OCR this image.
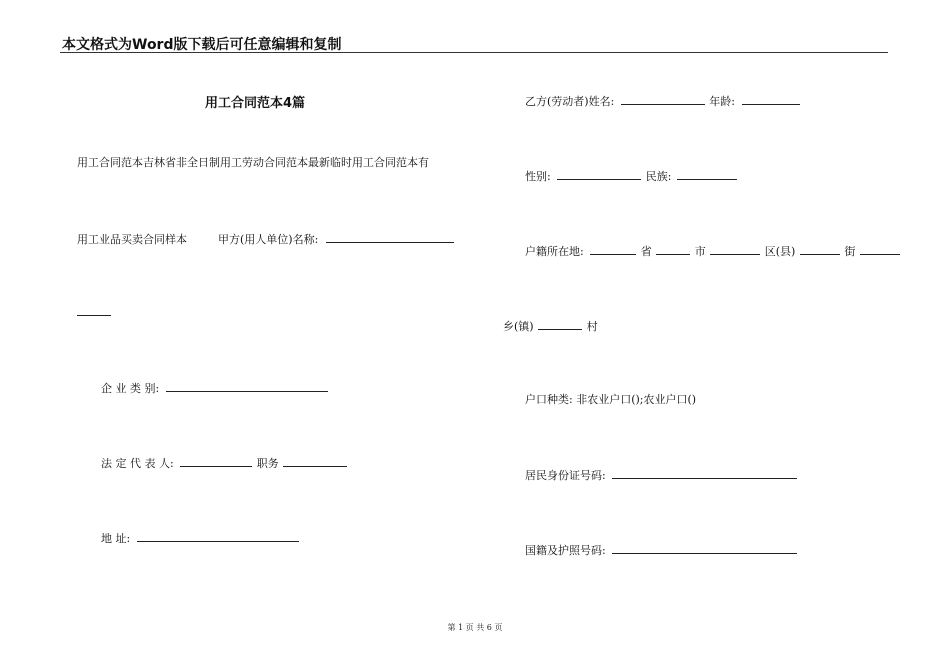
本文格式为Word版下载后可任意编辑和复制
用工合同范本4篇
用工合同范本吉林省非全日制用工劳动合同范本最新临时用工合同范本有
用工业品买卖合同样本	甲方(用人单位)名称:
企 业 类 别:
法 定 代 表 人:	职务
地 址:
乙方(劳动者)姓名:	年龄:
性别:	民族:
户籍所在地:	省	市	区(县)	街
乡(镇)	村
户口种类: 非农业户口();农业户口()
居民身份证号码:
国籍及护照号码:
第 1 页 共 6 页
